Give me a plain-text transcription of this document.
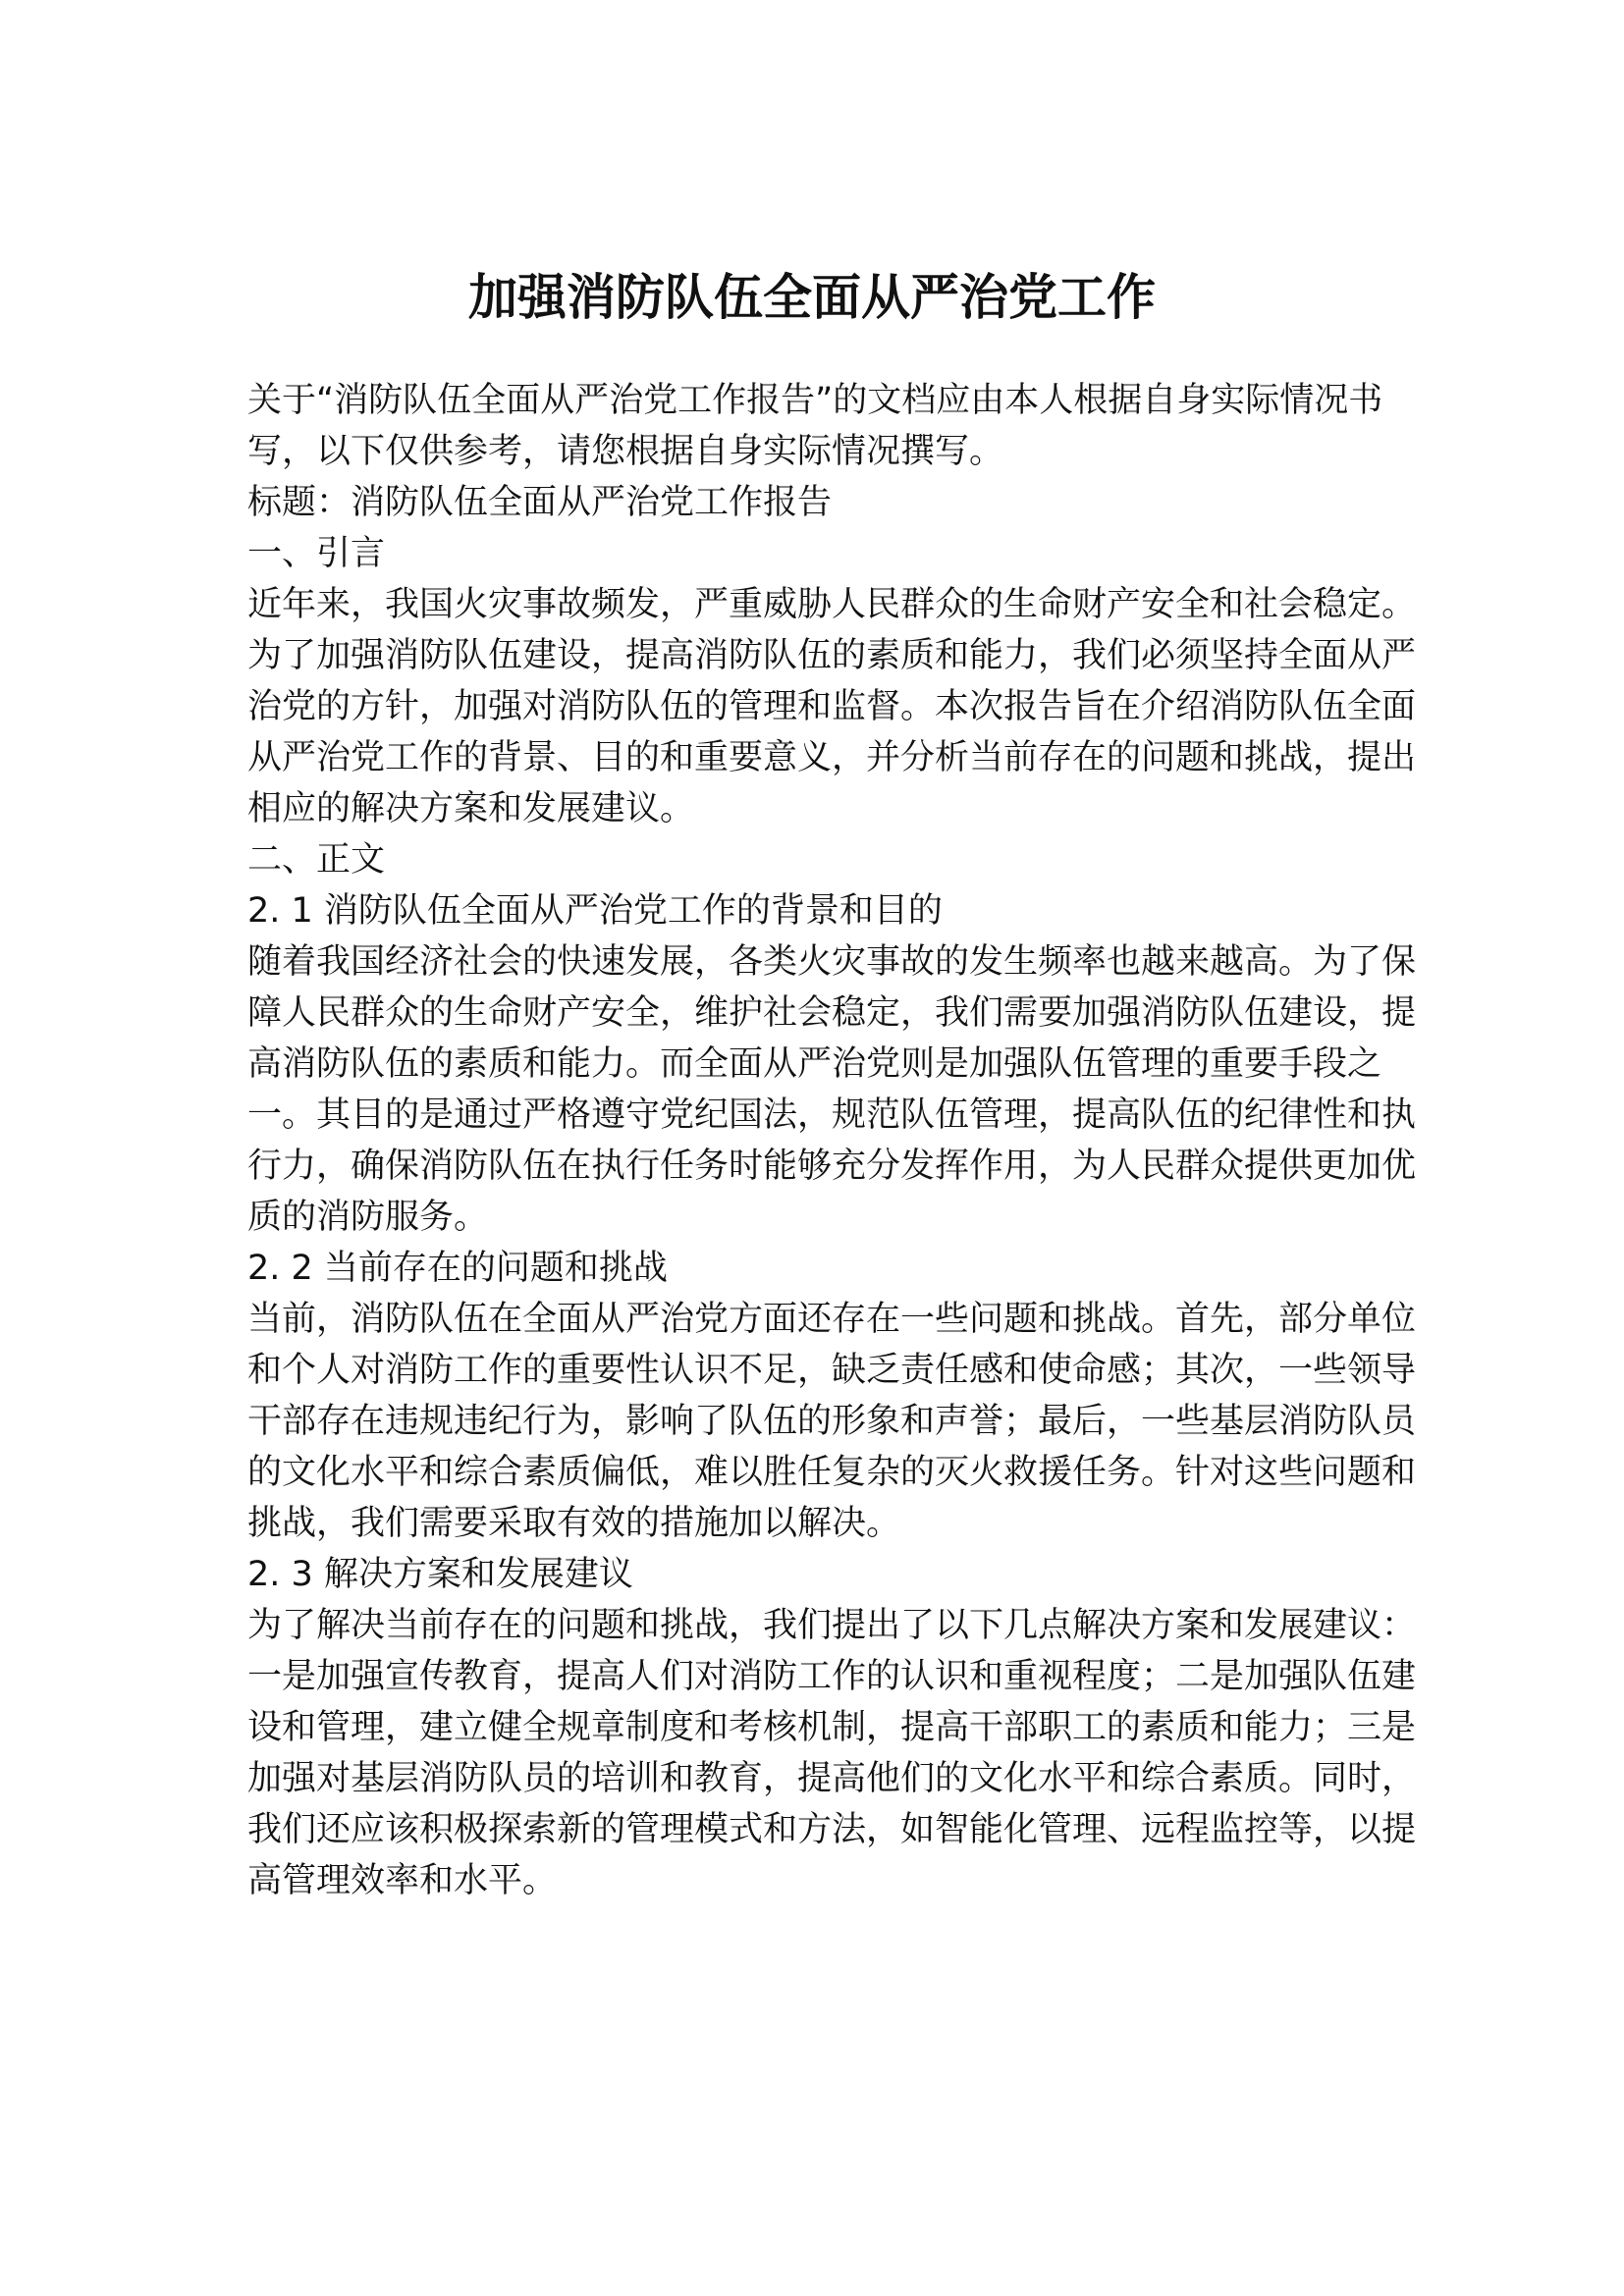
加强消防队伍全面从严治党工作

关于“消防队伍全面从严治党工作报告”的文档应由本人根据自身实际情况书

写，以下仅供参考，请您根据自身实际情况撰写。

标题：消防队伍全面从严治党工作报告

一、引言

近年来，我国火灾事故频发，严重威胁人民群众的生命财产安全和社会稳定。

为了加强消防队伍建设，提高消防队伍的素质和能力，我们必须坚持全面从严

治党的方针，加强对消防队伍的管理和监督。本次报告旨在介绍消防队伍全面

从严治党工作的背景、目的和重要意义，并分析当前存在的问题和挑战，提出

相应的解决方案和发展建议。

二、正文

2. 1 消防队伍全面从严治党工作的背景和目的

随着我国经济社会的快速发展，各类火灾事故的发生频率也越来越高。为了保

障人民群众的生命财产安全，维护社会稳定，我们需要加强消防队伍建设，提

高消防队伍的素质和能力。而全面从严治党则是加强队伍管理的重要手段之

一。其目的是通过严格遵守党纪国法，规范队伍管理，提高队伍的纪律性和执

行力，确保消防队伍在执行任务时能够充分发挥作用，为人民群众提供更加优

质的消防服务。

2. 2 当前存在的问题和挑战

当前，消防队伍在全面从严治党方面还存在一些问题和挑战。首先，部分单位

和个人对消防工作的重要性认识不足，缺乏责任感和使命感；其次，一些领导

干部存在违规违纪行为，影响了队伍的形象和声誉；最后，一些基层消防队员

的文化水平和综合素质偏低，难以胜任复杂的灭火救援任务。针对这些问题和

挑战，我们需要采取有效的措施加以解决。

2. 3 解决方案和发展建议

为了解决当前存在的问题和挑战，我们提出了以下几点解决方案和发展建议：

一是加强宣传教育，提高人们对消防工作的认识和重视程度；二是加强队伍建

设和管理，建立健全规章制度和考核机制，提高干部职工的素质和能力；三是

加强对基层消防队员的培训和教育，提高他们的文化水平和综合素质。同时，

我们还应该积极探索新的管理模式和方法，如智能化管理、远程监控等，以提

高管理效率和水平。
